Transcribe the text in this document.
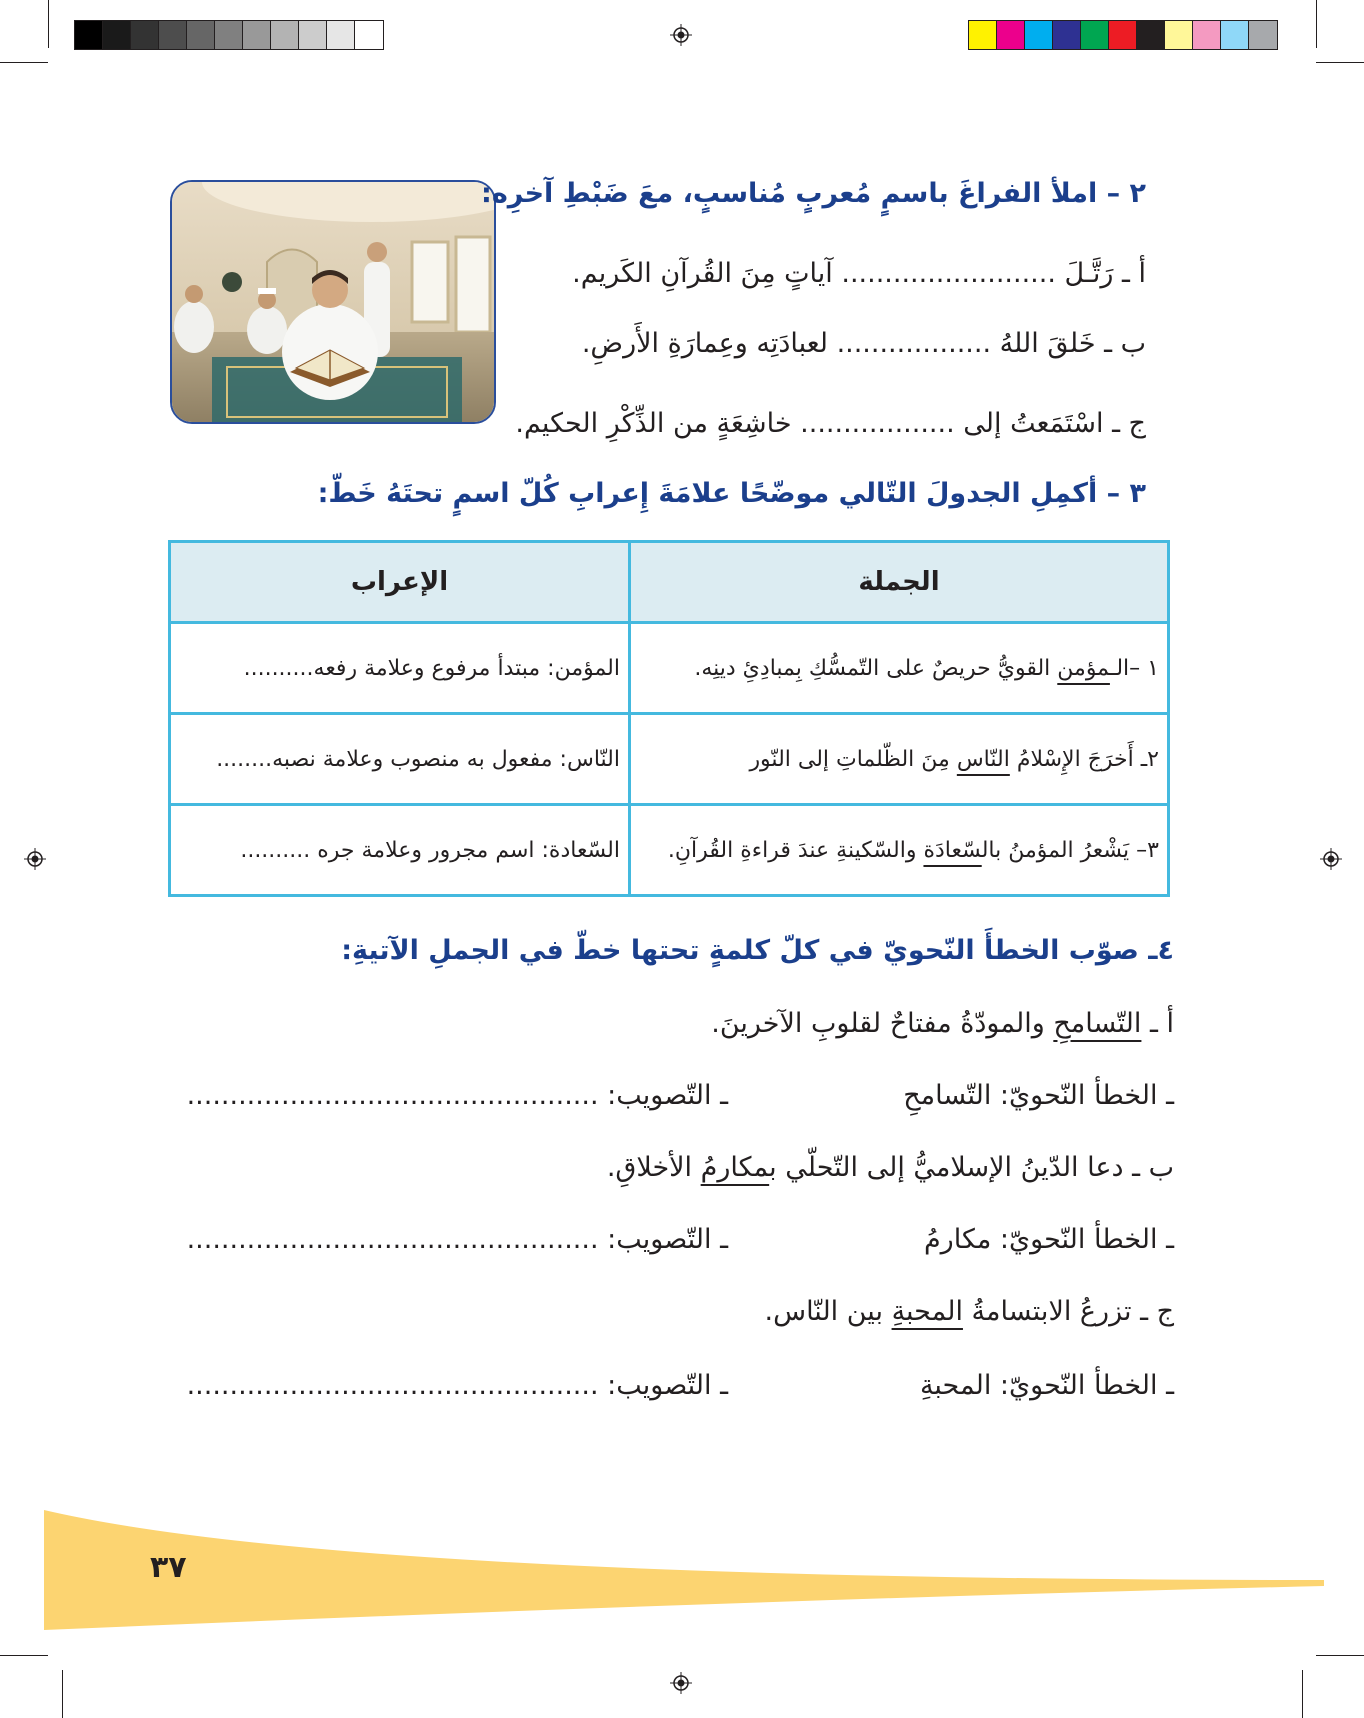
٢ – املأ الفراغَ باسمٍ مُعربٍ مُناسبٍ، معَ ضَبْطِ آخرِه:
أ ـ رَتَّـلَ ......................... آياتٍ مِنَ القُرآنِ الكَريم.
ب ـ خَلقَ اللهُ .................. لعبادَتِه وعِمارَةِ الأَرضِ.
ج ـ اسْتَمَعتُ إلى .................. خاشِعَةٍ من الذِّكْرِ الحكيم.
٣ – أكمِلِ الجدولَ التّالي موضّحًا علامَةَ إِعرابِ كُلّ اسمٍ تحتَهُ خَطّ:
الجملة	الإعراب
١ –الـمؤمن القويُّ حريصٌ على التّمسُّكِ بِمبادِئِ دينِه.	المؤمن: مبتدأ مرفوع وعلامة رفعه..........
٢ـ أَخرَجَ الإِسْلامُ النّاس مِنَ الظّلماتِ إلى النّور	النّاس: مفعول به منصوب وعلامة نصبه........
٣– يَشْعرُ المؤمنُ بالسّعادَة والسّكينةِ عندَ قراءةِ القُرآنِ.	السّعادة: اسم مجرور وعلامة جره ..........
٤ـ صوّب الخطأَ النّحويّ في كلّ كلمةٍ تحتها خطّ في الجملِ الآتيةِ:
أ ـ التّسامحِ والمودّةُ مفتاحٌ لقلوبِ الآخرينَ.
ـ الخطأ النّحويّ: التّسامحِ
ـ التّصويب: ................................................
ب ـ دعا الدّينُ الإسلاميُّ إلى التّحلّي بمكارمُ الأخلاقِ.
ـ الخطأ النّحويّ: مكارمُ
ـ التّصويب: ................................................
ج ـ تزرعُ الابتسامةُ المحبةِ بين النّاس.
ـ الخطأ النّحويّ: المحبةِ
ـ التّصويب: ................................................
٣٧
